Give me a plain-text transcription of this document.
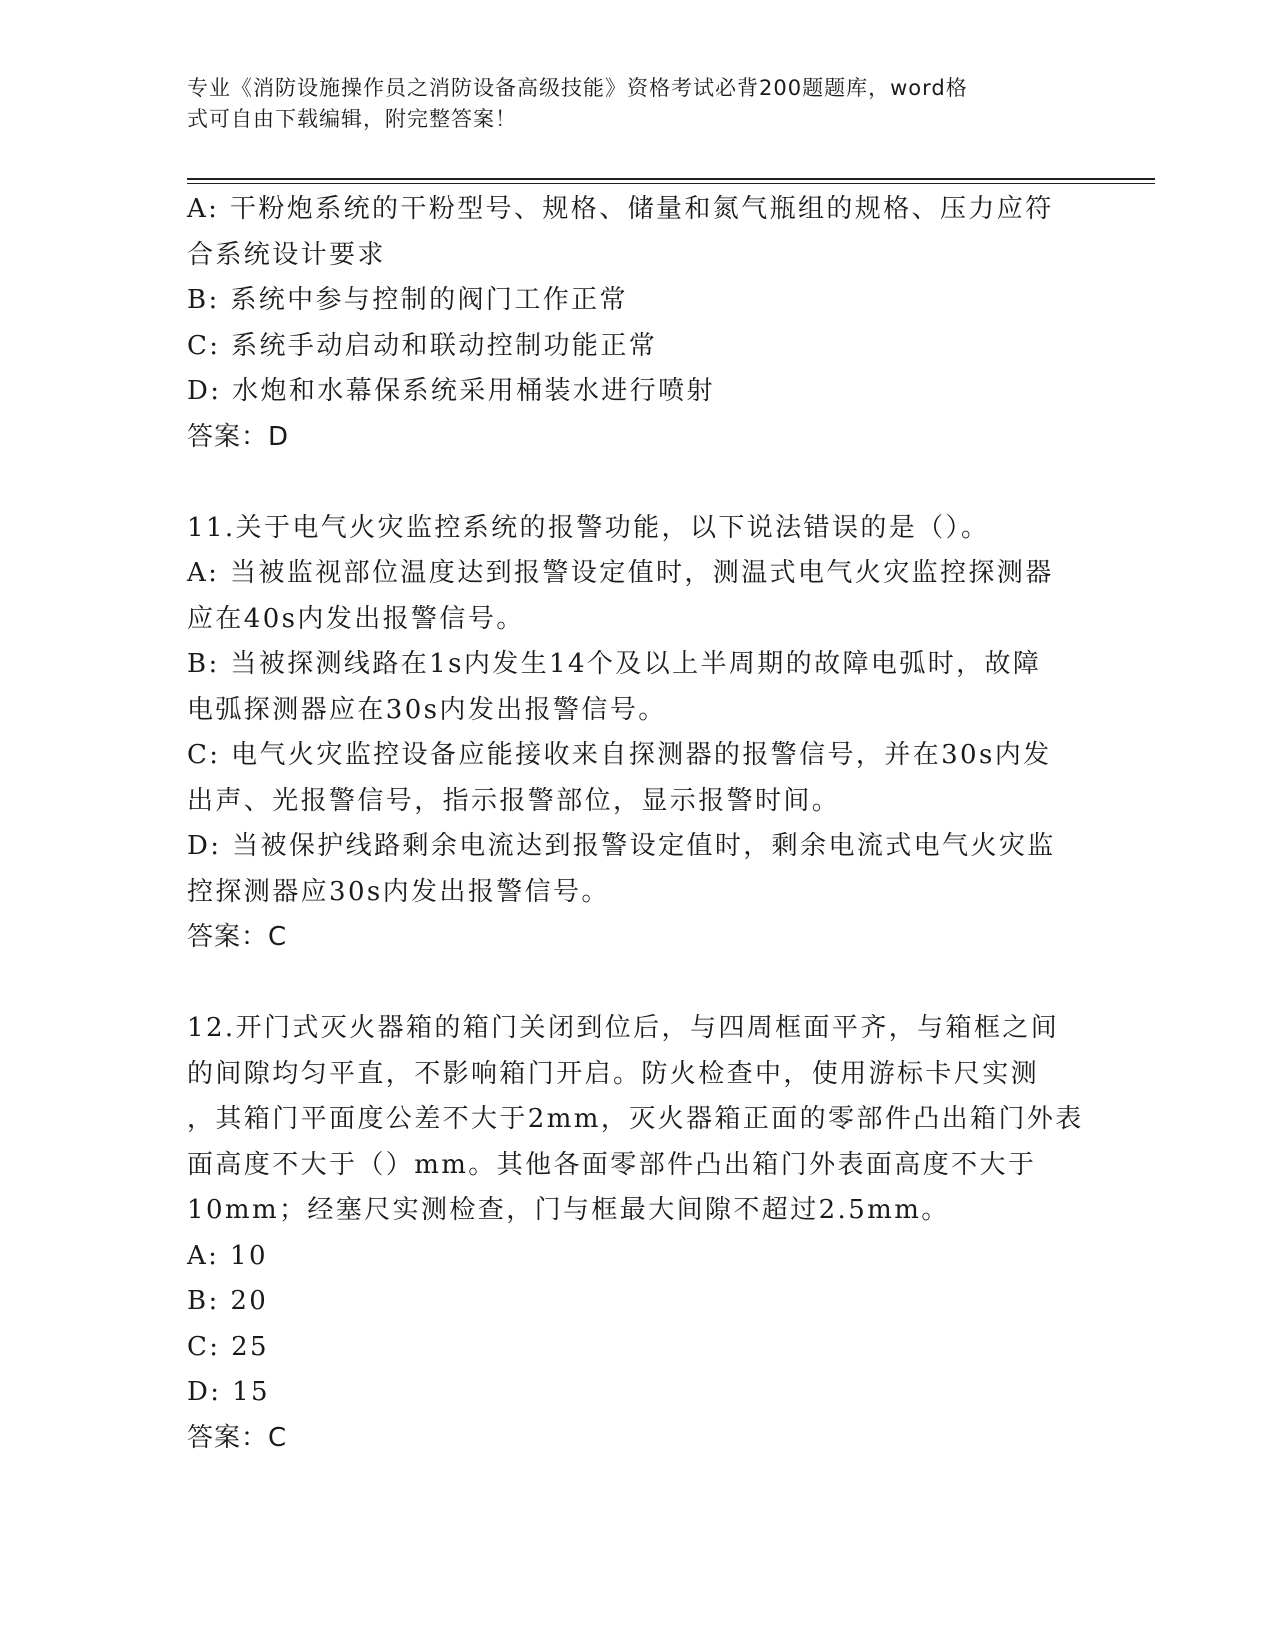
专业《消防设施操作员之消防设备高级技能》资格考试必背200题题库，word格
式可自由下载编辑，附完整答案！
A: 干粉炮系统的干粉型号、规格、储量和氮气瓶组的规格、压力应符
合系统设计要求
B: 系统中参与控制的阀门工作正常
C: 系统手动启动和联动控制功能正常
D: 水炮和水幕保系统采用桶装水进行喷射
答案：D
11.关于电气火灾监控系统的报警功能，以下说法错误的是（）。
A: 当被监视部位温度达到报警设定值时，测温式电气火灾监控探测器
应在40s内发出报警信号。
B: 当被探测线路在1s内发生14个及以上半周期的故障电弧时，故障
电弧探测器应在30s内发出报警信号。
C: 电气火灾监控设备应能接收来自探测器的报警信号，并在30s内发
出声、光报警信号，指示报警部位，显示报警时间。
D: 当被保护线路剩余电流达到报警设定值时，剩余电流式电气火灾监
控探测器应30s内发出报警信号。
答案：C
12.开门式灭火器箱的箱门关闭到位后，与四周框面平齐，与箱框之间
的间隙均匀平直，不影响箱门开启。防火检查中，使用游标卡尺实测
，其箱门平面度公差不大于2mm，灭火器箱正面的零部件凸出箱门外表
面高度不大于（）mm。其他各面零部件凸出箱门外表面高度不大于
10mm；经塞尺实测检查，门与框最大间隙不超过2.5mm。
A: 10
B: 20
C: 25
D: 15
答案：C
